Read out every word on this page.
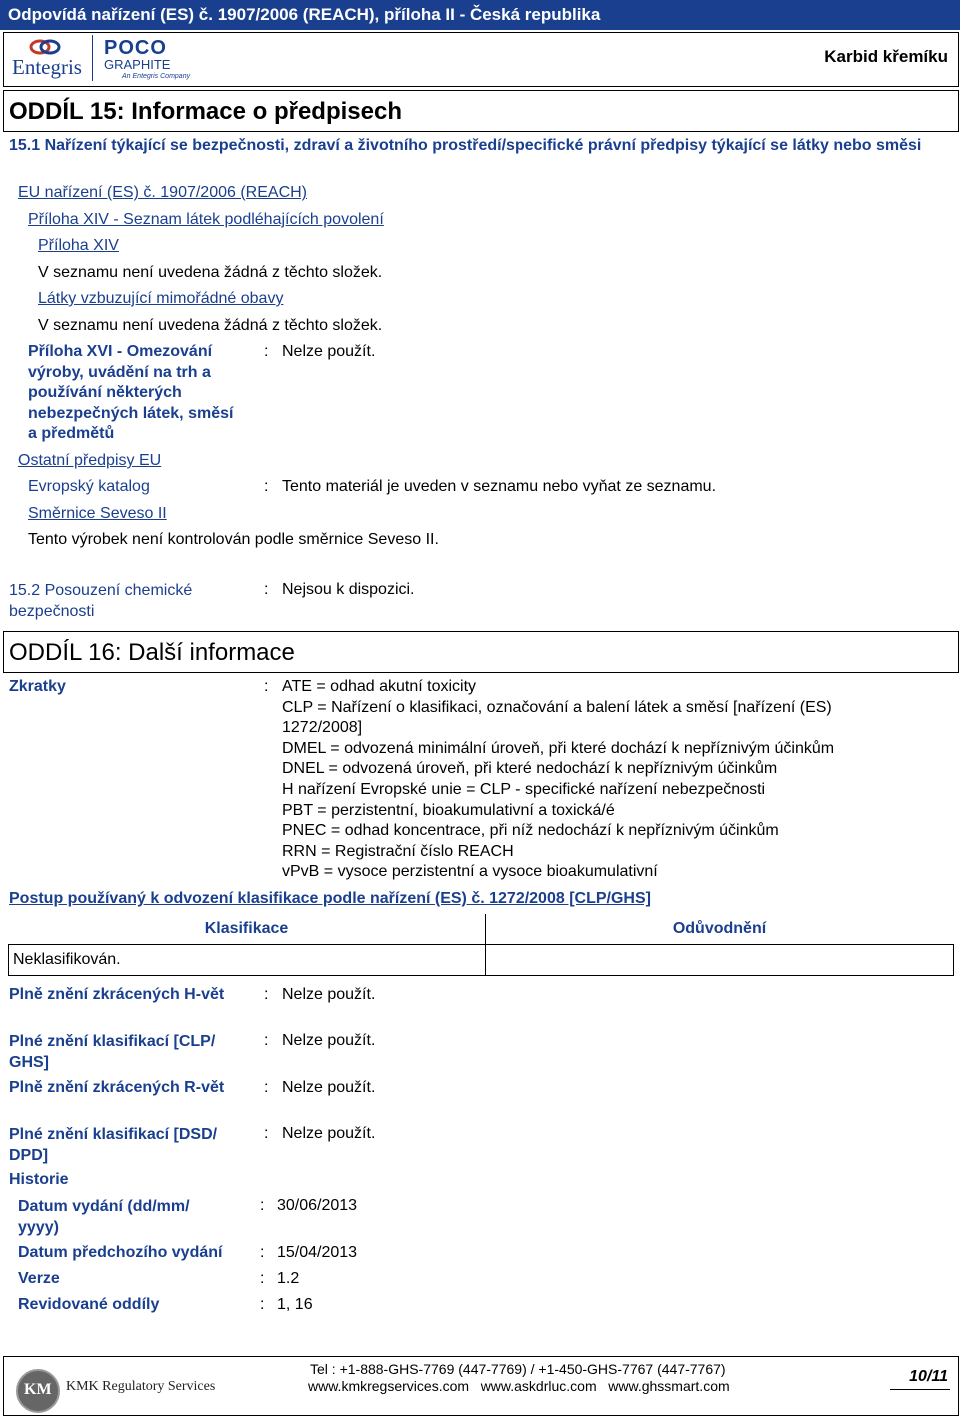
Odpovídá nařízení (ES) č. 1907/2006 (REACH), příloha II - Česká republika
Entegris
POCO
GRAPHITE
An Entegris Company
Karbid křemíku
ODDÍL 15: Informace o předpisech
15.1 Nařízení týkající se bezpečnosti, zdraví a životního prostředí/specifické právní předpisy týkající se látky nebo směsi
EU nařízení (ES) č. 1907/2006 (REACH)
Příloha XIV - Seznam látek podléhajících povolení
Příloha XIV
V seznamu není uvedena žádná z těchto složek.
Látky vzbuzující mimořádné obavy
V seznamu není uvedena žádná z těchto složek.
Příloha XVI - Omezování výroby, uvádění na trh a používání některých nebezpečných látek, směsí a předmětů
: Nelze použít.
Ostatní předpisy EU
Evropský katalog	: Tento materiál je uveden v seznamu nebo vyňat ze seznamu.
Směrnice Seveso II
Tento výrobek není kontrolován podle směrnice Seveso II.
15.2 Posouzení chemické bezpečnosti
: Nejsou k dispozici.
ODDÍL 16: Další informace
Zkratky	: ATE = odhad akutní toxicity
CLP = Nařízení o klasifikaci, označování a balení látek a směsí [nařízení (ES) 1272/2008]
DMEL = odvozená minimální úroveň, při které dochází k nepříznivým účinkům
DNEL = odvozená úroveň, při které nedochází k nepříznivým účinkům
H nařízení Evropské unie = CLP - specifické nařízení nebezpečnosti
PBT = perzistentní, bioakumulativní a toxická/é
PNEC = odhad koncentrace, při níž nedochází k nepříznivým účinkům
RRN = Registrační číslo REACH
vPvB = vysoce perzistentní a vysoce bioakumulativní
Postup používaný k odvození klasifikace podle nařízení (ES) č. 1272/2008 [CLP/GHS]
Klasifikace	Odůvodnění
Neklasifikován.	
Plně znění zkrácených H-vět : Nelze použít.
Plné znění klasifikací [CLP/ GHS]
: Nelze použít.
Plně znění zkrácených R-vět : Nelze použít.
Plné znění klasifikací [DSD/ DPD]
: Nelze použít.
Historie
Datum vydání (dd/mm/ yyyy)
: 30/06/2013
Datum předchozího vydání : 15/04/2013
Verze	: 1.2
Revidované oddíly	: 1, 16
KM KMK Regulatory Services
Tel : +1-888-GHS-7769 (447-7769) / +1-450-GHS-7767 (447-7767)
www.kmkregservices.com   www.askdrluc.com   www.ghssmart.com
10/11
